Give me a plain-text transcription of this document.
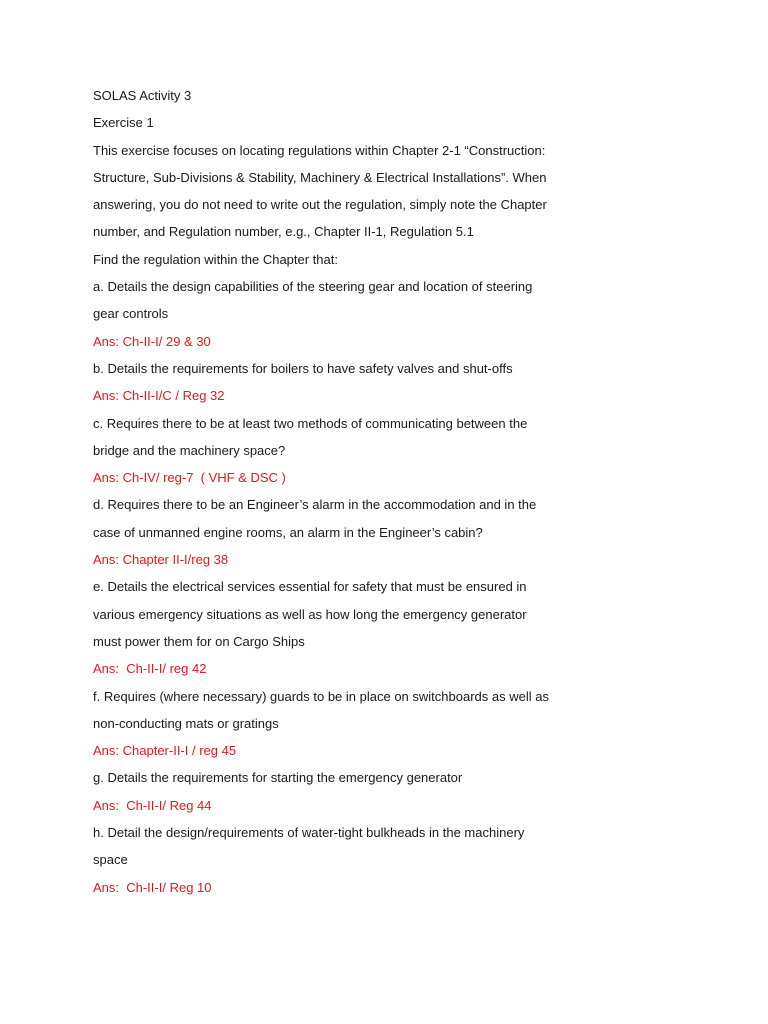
SOLAS Activity 3
Exercise 1
This exercise focuses on locating regulations within Chapter 2-1 “Construction:
Structure, Sub-Divisions & Stability, Machinery & Electrical Installations”. When
answering, you do not need to write out the regulation, simply note the Chapter
number, and Regulation number, e.g., Chapter II-1, Regulation 5.1
Find the regulation within the Chapter that:
a. Details the design capabilities of the steering gear and location of steering
gear controls
Ans: Ch-II-I/ 29 & 30
b. Details the requirements for boilers to have safety valves and shut-offs
Ans: Ch-II-I/C / Reg 32
c. Requires there to be at least two methods of communicating between the
bridge and the machinery space?
Ans: Ch-IV/ reg-7  ( VHF & DSC )
d. Requires there to be an Engineer’s alarm in the accommodation and in the
case of unmanned engine rooms, an alarm in the Engineer’s cabin?
Ans: Chapter II-I/reg 38
e. Details the electrical services essential for safety that must be ensured in
various emergency situations as well as how long the emergency generator
must power them for on Cargo Ships
Ans:  Ch-II-I/ reg 42
f. Requires (where necessary) guards to be in place on switchboards as well as
non-conducting mats or gratings
Ans: Chapter-II-I / reg 45
g. Details the requirements for starting the emergency generator
Ans:  Ch-II-I/ Reg 44
h. Detail the design/requirements of water-tight bulkheads in the machinery
space
Ans:  Ch-II-I/ Reg 10
